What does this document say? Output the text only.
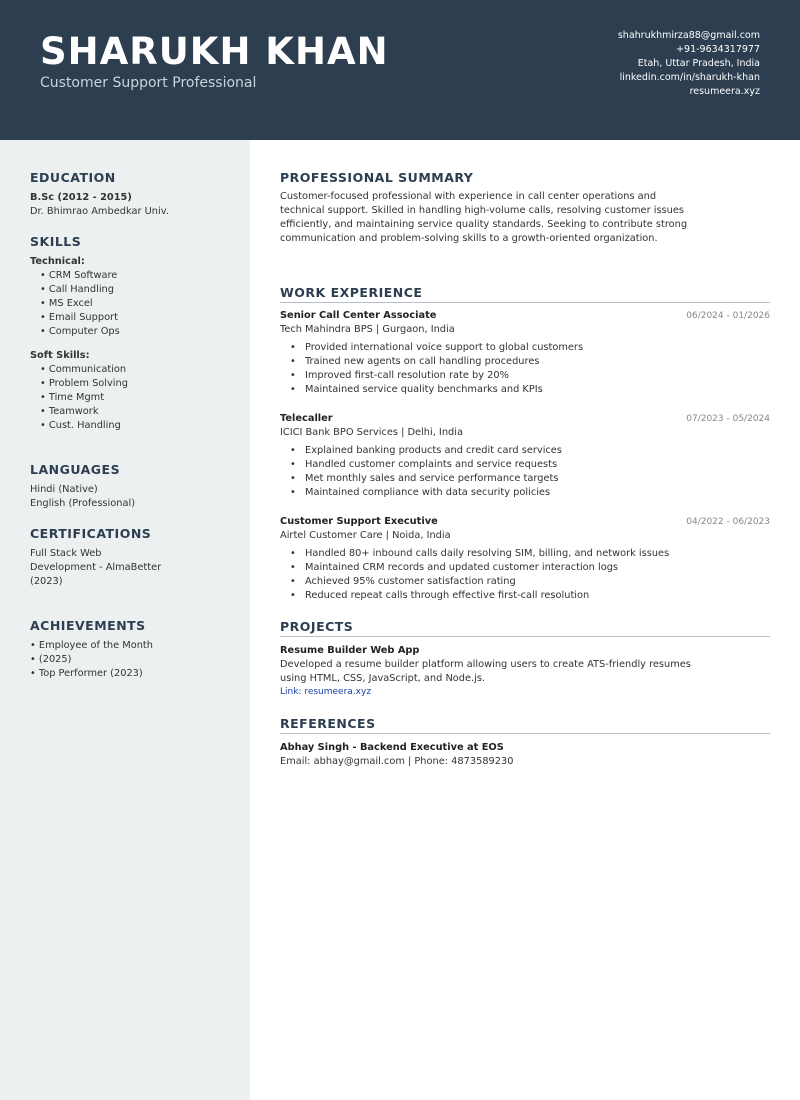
SHARUKH KHAN
Customer Support Professional
shahrukhmirza88@gmail.com
+91-9634317977
Etah, Uttar Pradesh, India
linkedin.com/in/sharukh-khan
resumeera.xyz
EDUCATION
B.Sc (2012 - 2015)
Dr. Bhimrao Ambedkar Univ.
SKILLS
Technical:
• CRM Software
• Call Handling
• MS Excel
• Email Support
• Computer Ops
Soft Skills:
• Communication
• Problem Solving
• Time Mgmt
• Teamwork
• Cust. Handling
LANGUAGES
Hindi (Native)
English (Professional)
CERTIFICATIONS
Full Stack Web
Development - AlmaBetter
(2023)
ACHIEVEMENTS
• Employee of the Month
• (2025)
• Top Performer (2023)
PROFESSIONAL SUMMARY
Customer-focused professional with experience in call center operations and technical support. Skilled in handling high-volume calls, resolving customer issues efficiently, and maintaining service quality standards. Seeking to contribute strong communication and problem-solving skills to a growth-oriented organization.
WORK EXPERIENCE
Senior Call Center Associate	06/2024 - 01/2026
Tech Mahindra BPS | Gurgaon, India
• Provided international voice support to global customers
• Trained new agents on call handling procedures
• Improved first-call resolution rate by 20%
• Maintained service quality benchmarks and KPIs
Telecaller	07/2023 - 05/2024
ICICI Bank BPO Services | Delhi, India
• Explained banking products and credit card services
• Handled customer complaints and service requests
• Met monthly sales and service performance targets
• Maintained compliance with data security policies
Customer Support Executive	04/2022 - 06/2023
Airtel Customer Care | Noida, India
• Handled 80+ inbound calls daily resolving SIM, billing, and network issues
• Maintained CRM records and updated customer interaction logs
• Achieved 95% customer satisfaction rating
• Reduced repeat calls through effective first-call resolution
PROJECTS
Resume Builder Web App
Developed a resume builder platform allowing users to create ATS-friendly resumes using HTML, CSS, JavaScript, and Node.js.
Link: resumeera.xyz
REFERENCES
Abhay Singh - Backend Executive at EOS
Email: abhay@gmail.com | Phone: 4873589230
